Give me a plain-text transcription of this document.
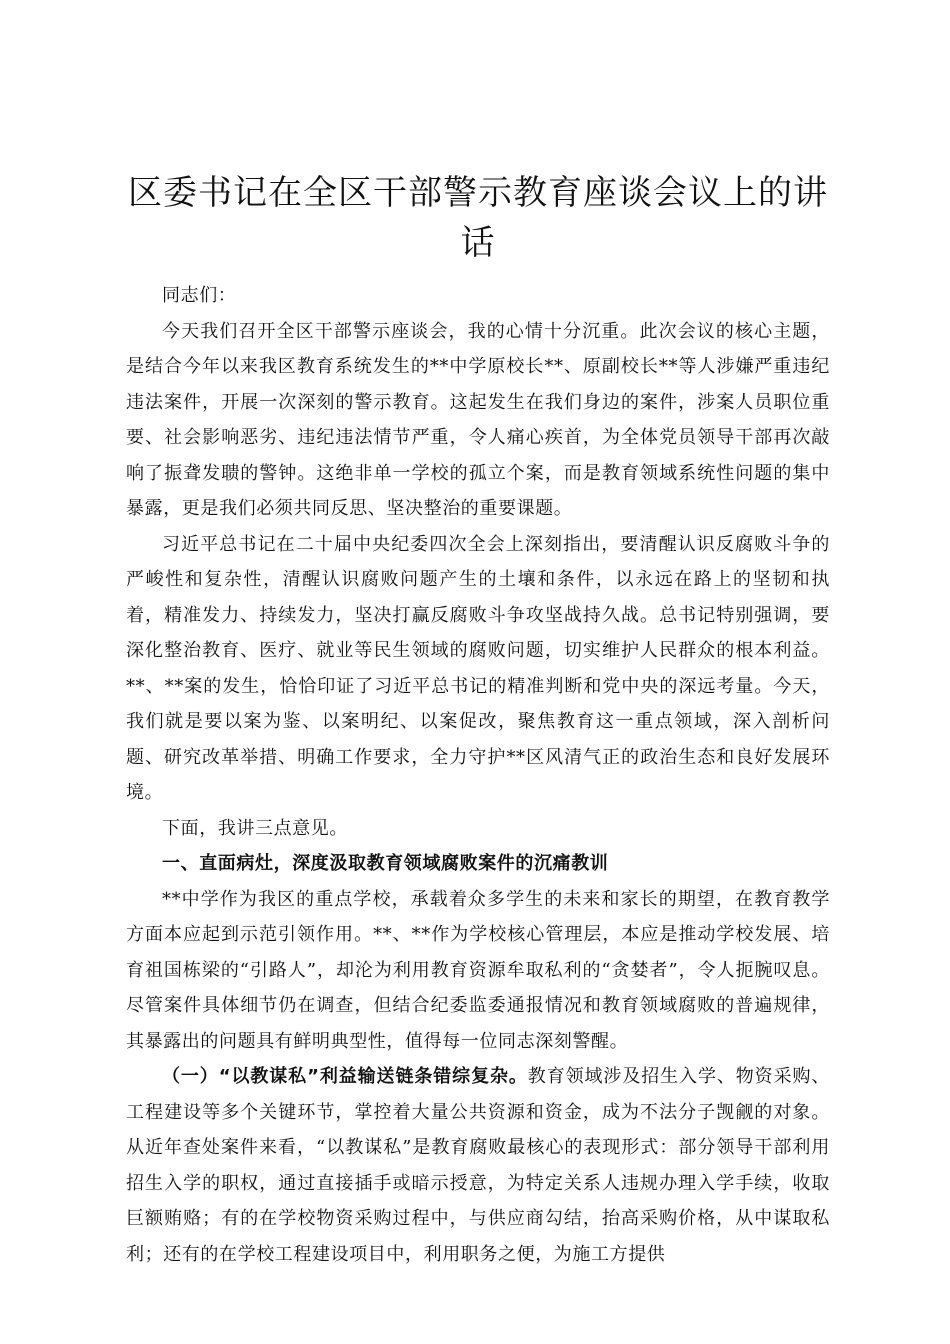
区委书记在全区干部警示教育座谈会议上的讲话

同志们：

今天我们召开全区干部警示座谈会，我的心情十分沉重。此次会议的核心主题，是结合今年以来我区教育系统发生的**中学原校长**、原副校长**等人涉嫌严重违纪违法案件，开展一次深刻的警示教育。这起发生在我们身边的案件，涉案人员职位重要、社会影响恶劣、违纪违法情节严重，令人痛心疾首，为全体党员领导干部再次敲响了振聋发聩的警钟。这绝非单一学校的孤立个案，而是教育领域系统性问题的集中暴露，更是我们必须共同反思、坚决整治的重要课题。

习近平总书记在二十届中央纪委四次全会上深刻指出，要清醒认识反腐败斗争的严峻性和复杂性，清醒认识腐败问题产生的土壤和条件，以永远在路上的坚韧和执着，精准发力、持续发力，坚决打赢反腐败斗争攻坚战持久战。总书记特别强调，要深化整治教育、医疗、就业等民生领域的腐败问题，切实维护人民群众的根本利益。**、**案的发生，恰恰印证了习近平总书记的精准判断和党中央的深远考量。今天，我们就是要以案为鉴、以案明纪、以案促改，聚焦教育这一重点领域，深入剖析问题、研究改革举措、明确工作要求，全力守护**区风清气正的政治生态和良好发展环境。

下面，我讲三点意见。

一、直面病灶，深度汲取教育领域腐败案件的沉痛教训

**中学作为我区的重点学校，承载着众多学生的未来和家长的期望，在教育教学方面本应起到示范引领作用。**、**作为学校核心管理层，本应是推动学校发展、培育祖国栋梁的“引路人”，却沦为利用教育资源牟取私利的“贪婪者”，令人扼腕叹息。尽管案件具体细节仍在调查，但结合纪委监委通报情况和教育领域腐败的普遍规律，其暴露出的问题具有鲜明典型性，值得每一位同志深刻警醒。

（一）“以教谋私”利益输送链条错综复杂。教育领域涉及招生入学、物资采购、工程建设等多个关键环节，掌控着大量公共资源和资金，成为不法分子觊觎的对象。从近年查处案件来看，“以教谋私”是教育腐败最核心的表现形式：部分领导干部利用招生入学的职权，通过直接插手或暗示授意，为特定关系人违规办理入学手续，收取巨额贿赂；有的在学校物资采购过程中，与供应商勾结，抬高采购价格，从中谋取私利；还有的在学校工程建设项目中，利用职务之便，为施工方提供
